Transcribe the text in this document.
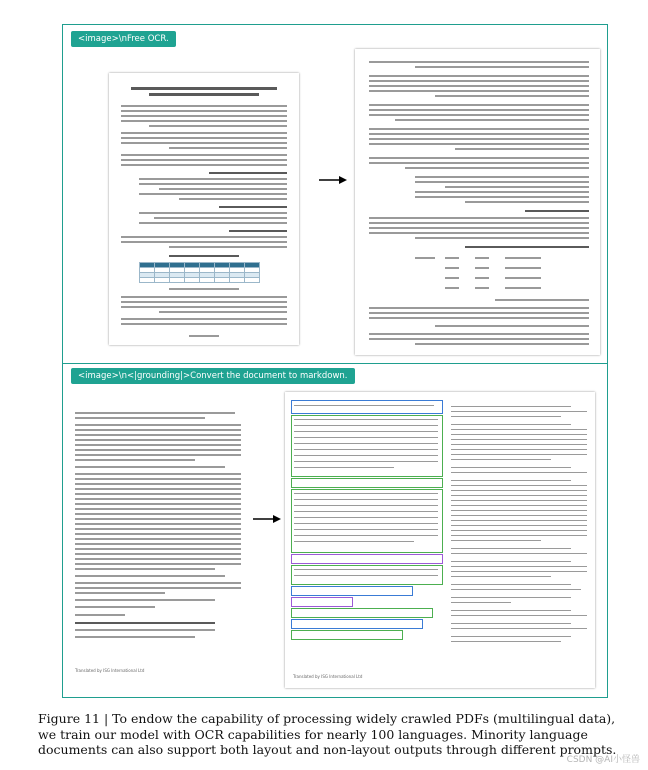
<image>\nFree OCR.

<image>\n<|grounding|>Convert the document to markdown.
Translated by ISG International Ltd
Translated by ISG International Ltd

Figure 11 | To endow the capability of processing widely crawled PDFs (multilingual data), we train our model with OCR capabilities for nearly 100 languages. Minority language documents can also support both layout and non-layout outputs through different prompts.

CSDN @AI小怪兽
